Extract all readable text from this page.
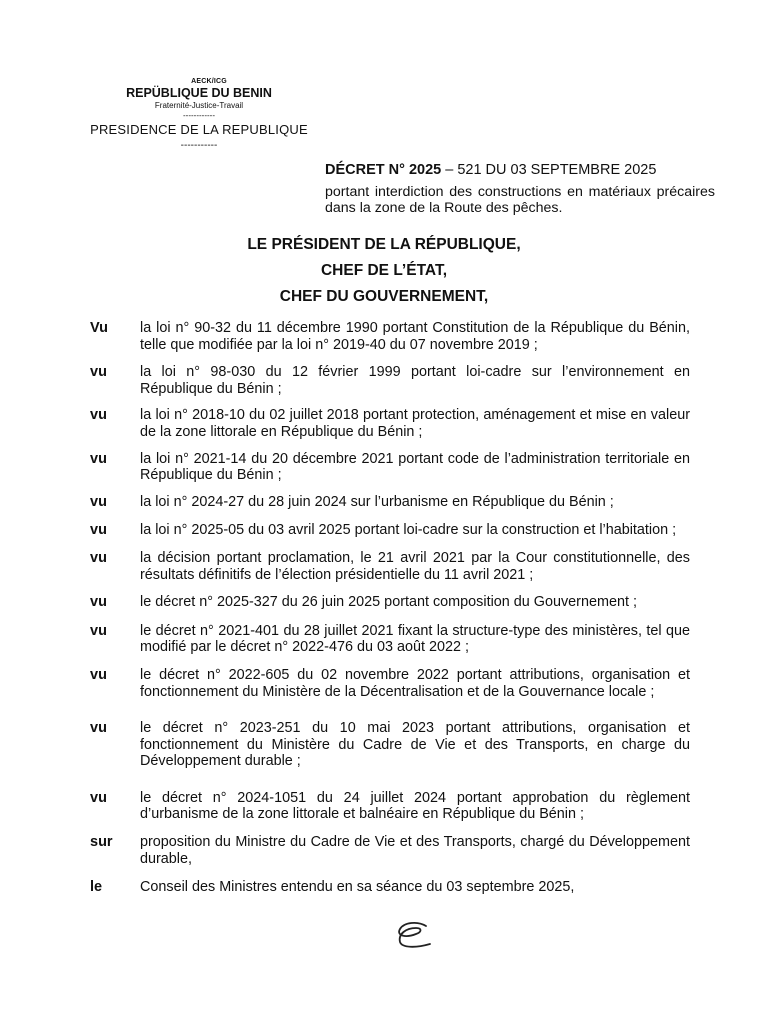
AECK/ICG
REPÜBLIQUE DU BENIN
Fraternité-Justice-Travail
------------
PRESIDENCE DE LA REPUBLIQUE
-----------
DÉCRET N° 2025 – 521 DU 03 SEPTEMBRE 2025
portant interdiction des constructions en matériaux précaires dans la zone de la Route des pêches.
LE PRÉSIDENT DE LA RÉPUBLIQUE,
CHEF DE L’ÉTAT,
CHEF DU GOUVERNEMENT,
Vu	la loi n° 90-32 du 11 décembre 1990 portant Constitution de la République du Bénin, telle que modifiée par la loi n° 2019-40 du 07 novembre 2019 ;
vu	la loi n° 98-030 du 12 février 1999 portant loi-cadre sur l’environnement en République du Bénin ;
vu	la loi n° 2018-10 du 02 juillet 2018 portant protection, aménagement et mise en valeur de la zone littorale en République du Bénin ;
vu	la loi n° 2021-14 du 20 décembre 2021 portant code de l’administration territoriale en République du Bénin ;
vu	la loi n° 2024-27 du 28 juin 2024 sur l’urbanisme en République du Bénin ;
vu	la loi n° 2025-05 du 03 avril 2025 portant loi-cadre sur la construction et l’habitation ;
vu	la décision portant proclamation, le 21 avril 2021 par la Cour constitutionnelle, des résultats définitifs de l’élection présidentielle du 11 avril 2021 ;
vu	le décret n° 2025-327 du 26 juin 2025 portant composition du Gouvernement ;
vu	le décret n° 2021-401 du 28 juillet 2021 fixant la structure-type des ministères, tel que modifié par le décret n° 2022-476 du 03 août 2022 ;
vu	le décret n° 2022-605 du 02 novembre 2022 portant attributions, organisation et fonctionnement du Ministère de la Décentralisation et de la Gouvernance locale ;
vu	le décret n° 2023-251 du 10 mai 2023 portant attributions, organisation et fonctionnement du Ministère du Cadre de Vie et des Transports, en charge du Développement durable ;
vu	le décret n° 2024-1051 du 24 juillet 2024 portant approbation du règlement d’urbanisme de la zone littorale et balnéaire en République du Bénin ;
sur	proposition du Ministre du Cadre de Vie et des Transports, chargé du Développement durable,
le	Conseil des Ministres entendu en sa séance du 03 septembre 2025,
